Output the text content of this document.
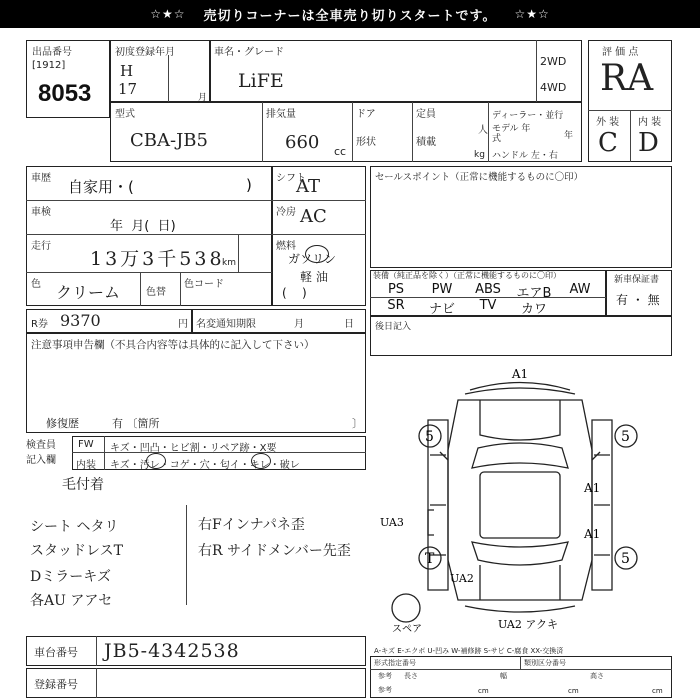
☆★☆ 売切りコーナーは全車売り切りスタートです。 ☆★☆
出品番号
[1912]
8053
初度登録年月
H
17	月
車名・グレード
LiFE
2WD
4WD
評 価 点
RA
外 装 内 装
C D
型式
CBA-JB5
排気量
660 cc
ドア
形状
定員
人
積載
kg
ディーラー・並行
モデル 年式	年
ハンドル 左・右
車歴 自家用・(	)
車検
年  月(  日)
走行
13万3千538
km
色 クリーム	色替
色コード
シフト
AT
冷房 AC
燃料
ガソリン
軽 油
(    )
セールスポイント（正常に機能するものに〇印）
装備（純正品を除く）（正常に機能するものに〇印）
PS	PW	ABS	エアB	AW
SR	ナビ	TV	カワ
新車保証書
有 ・ 無
R券 9370	円 名変通知期限	月	日 後日記入
注意事項申告欄（不具合内容等は具体的に記入して下さい）
修復歴	有 〔箇所	〕
検査員 記入欄
FW キズ・凹凸・ヒビ割・リペア跡・X要
内装 キズ・汚レ・コゲ・穴・匂イ・キレ・破レ
毛付着
シート ヘタリ	右Fインナパネ歪
スタッドレスT	右R サイドメンバー先歪
Dミラーキズ
各AU アアセ
A1
A1
A1
5	5
T	5
UA3
UA2
UA2 アクキ
スペア
A-キズ E-エクボ U-凹み W-補修跡 S-サビ C-腐食 XX-交換済
車台番号 JB5-4342538
登録番号
形式指定番号	類別区分番号
参考
参考
長さ	幅	高さ
cm	cm	cm
